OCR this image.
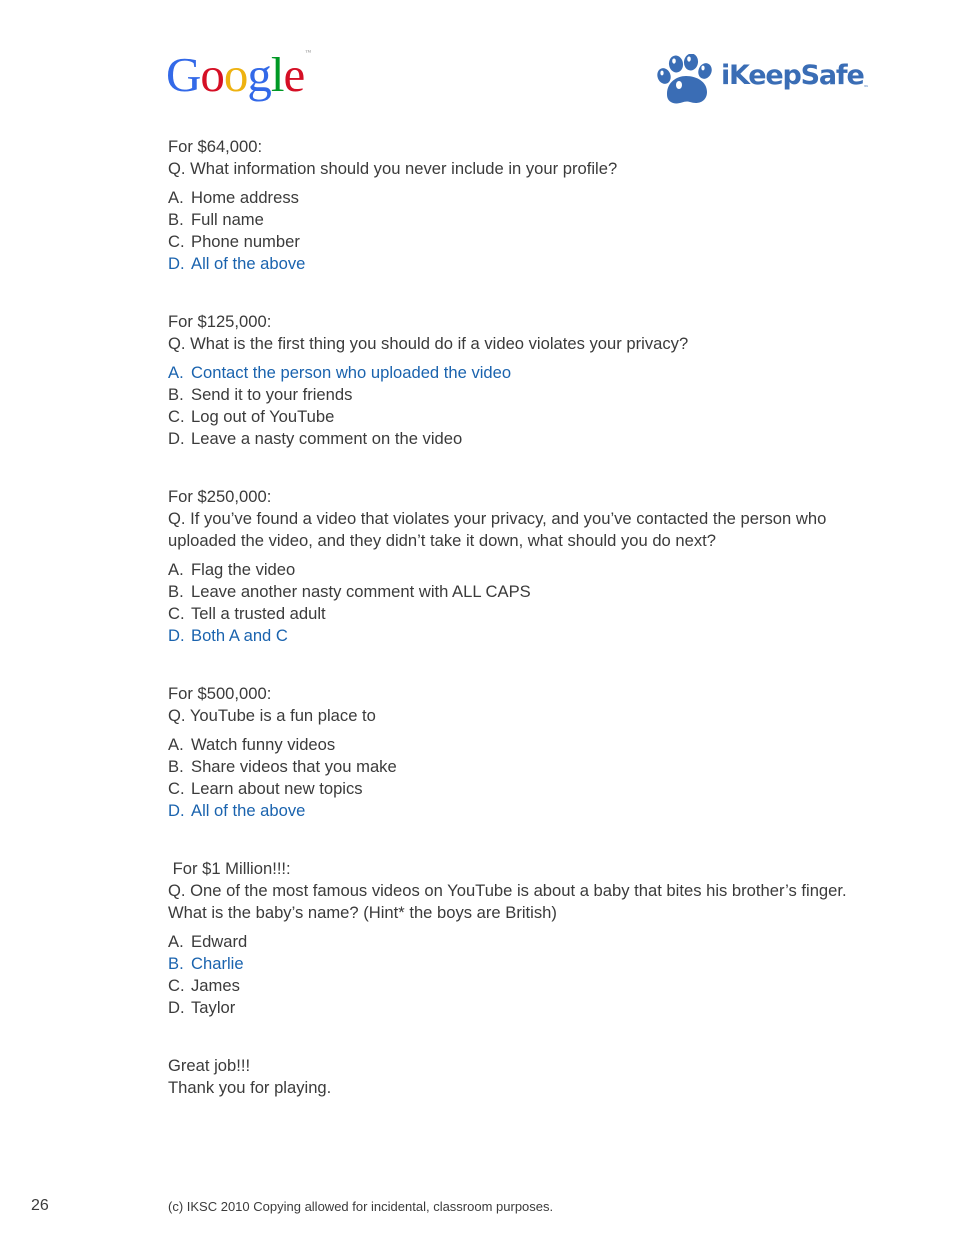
Google™
iKeepSafe™

For $64,000:

Q. What information should you never include in your profile?

A. Home address
B. Full name
C. Phone number
D. All of the above

For $125,000:

Q. What is the first thing you should do if a video violates your privacy?

A. Contact the person who uploaded the video
B. Send it to your friends
C. Log out of YouTube
D. Leave a nasty comment on the video

For $250,000:

Q. If you’ve found a video that violates your privacy, and you’ve contacted the person who uploaded the video, and they didn’t take it down, what should you do next?

A. Flag the video
B. Leave another nasty comment with ALL CAPS
C. Tell a trusted adult
D. Both A and C

For $500,000:

Q. YouTube is a fun place to

A. Watch funny videos
B. Share videos that you make
C. Learn about new topics
D. All of the above

For $1 Million!!!:

Q. One of the most famous videos on YouTube is about a baby that bites his brother’s finger. What is the baby’s name? (Hint* the boys are British)

A. Edward
B. Charlie
C. James
D. Taylor

Great job!!!

Thank you for playing.

26	(c) IKSC 2010 Copying allowed for incidental, classroom purposes.
